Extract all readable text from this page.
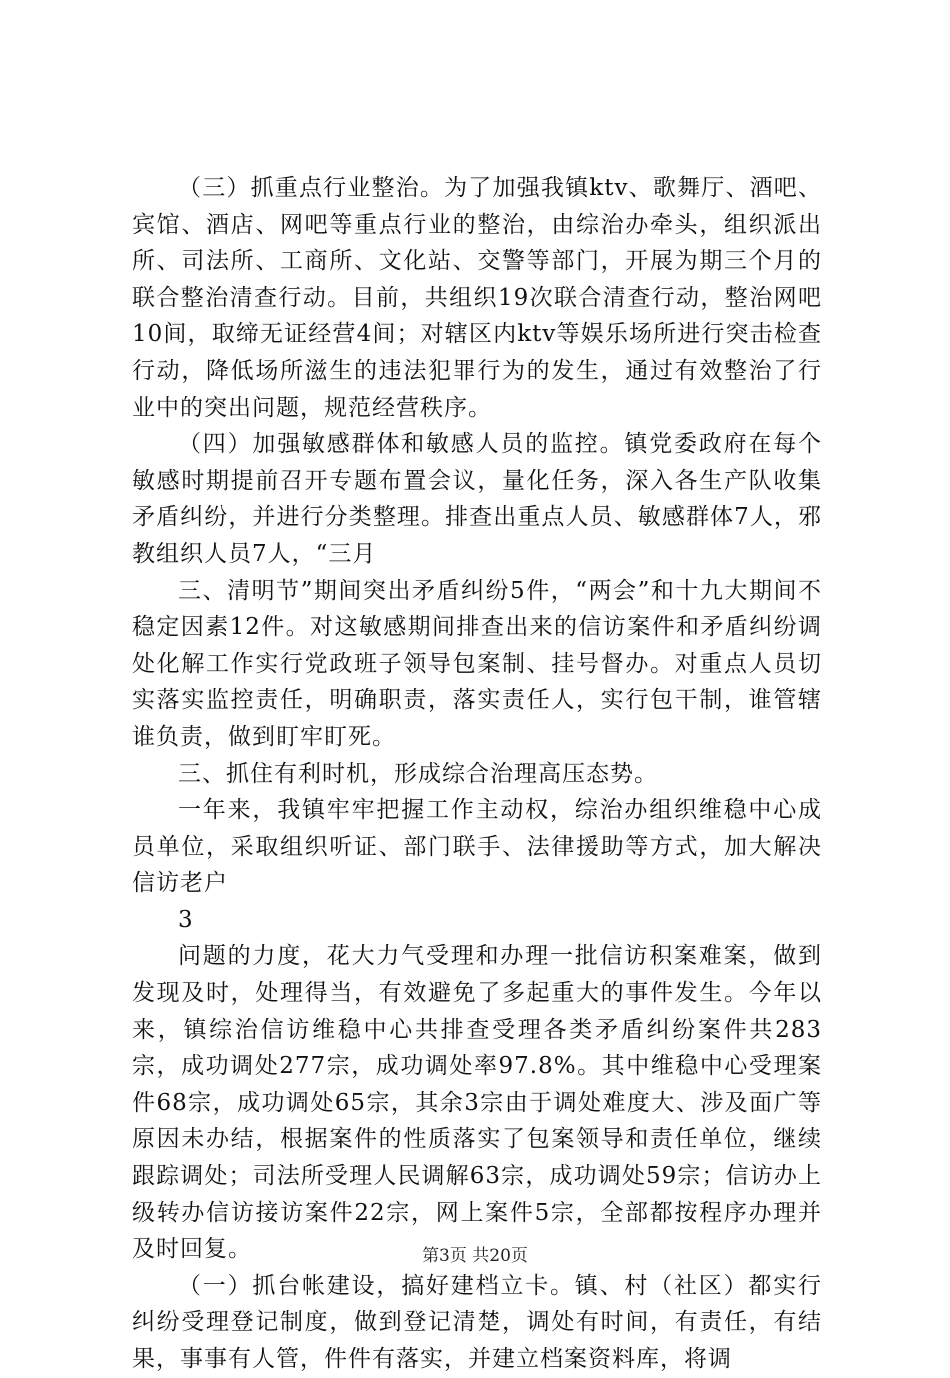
（三）抓重点行业整治。为了加强我镇ktv、歌舞厅、酒吧、宾馆、酒店、网吧等重点行业的整治，由综治办牵头，组织派出所、司法所、工商所、文化站、交警等部门，开展为期三个月的联合整治清查行动。目前，共组织19次联合清查行动，整治网吧10间，取缔无证经营4间；对辖区内ktv等娱乐场所进行突击检查行动，降低场所滋生的违法犯罪行为的发生，通过有效整治了行业中的突出问题，规范经营秩序。

（四）加强敏感群体和敏感人员的监控。镇党委政府在每个敏感时期提前召开专题布置会议，量化任务，深入各生产队收集矛盾纠纷，并进行分类整理。排查出重点人员、敏感群体7人，邪教组织人员7人，“三月

三、清明节”期间突出矛盾纠纷5件，“两会”和十九大期间不稳定因素12件。对这敏感期间排查出来的信访案件和矛盾纠纷调处化解工作实行党政班子领导包案制、挂号督办。对重点人员切实落实监控责任，明确职责，落实责任人，实行包干制，谁管辖谁负责，做到盯牢盯死。

三、抓住有利时机，形成综合治理高压态势。

一年来，我镇牢牢把握工作主动权，综治办组织维稳中心成员单位，采取组织听证、部门联手、法律援助等方式，加大解决信访老户

3

问题的力度，花大力气受理和办理一批信访积案难案，做到发现及时，处理得当，有效避免了多起重大的事件发生。今年以来，镇综治信访维稳中心共排查受理各类矛盾纠纷案件共283宗，成功调处277宗，成功调处率97.8%。其中维稳中心受理案件68宗，成功调处65宗，其余3宗由于调处难度大、涉及面广等原因未办结，根据案件的性质落实了包案领导和责任单位，继续跟踪调处；司法所受理人民调解63宗，成功调处59宗；信访办上级转办信访接访案件22宗，网上案件5宗，全部都按程序办理并及时回复。

（一）抓台帐建设，搞好建档立卡。镇、村（社区）都实行纠纷受理登记制度，做到登记清楚，调处有时间，有责任，有结果，事事有人管，件件有落实，并建立档案资料库，将调

第3页 共20页
